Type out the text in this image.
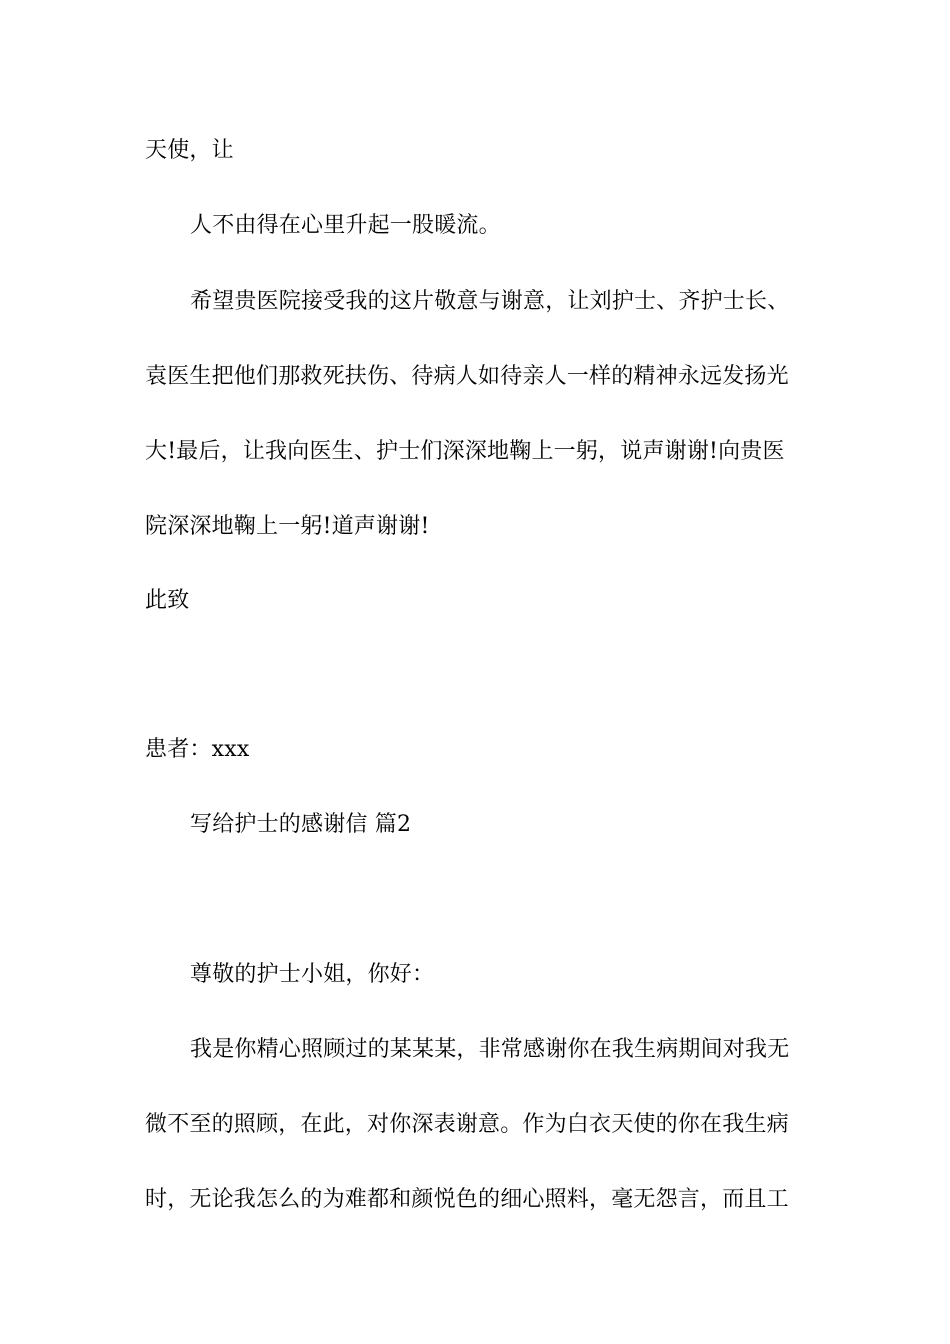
天使，让
人不由得在心里升起一股暖流。
希望贵医院接受我的这片敬意与谢意，让刘护士、齐护士长、
袁医生把他们那救死扶伤、待病人如待亲人一样的精神永远发扬光
大!最后，让我向医生、护士们深深地鞠上一躬，说声谢谢!向贵医
院深深地鞠上一躬!道声谢谢!
此致
患者：xxx
写给护士的感谢信 篇2
尊敬的护士小姐，你好：
我是你精心照顾过的某某某，非常感谢你在我生病期间对我无
微不至的照顾，在此，对你深表谢意。作为白衣天使的你在我生病
时，无论我怎么的为难都和颜悦色的细心照料，毫无怨言，而且工
